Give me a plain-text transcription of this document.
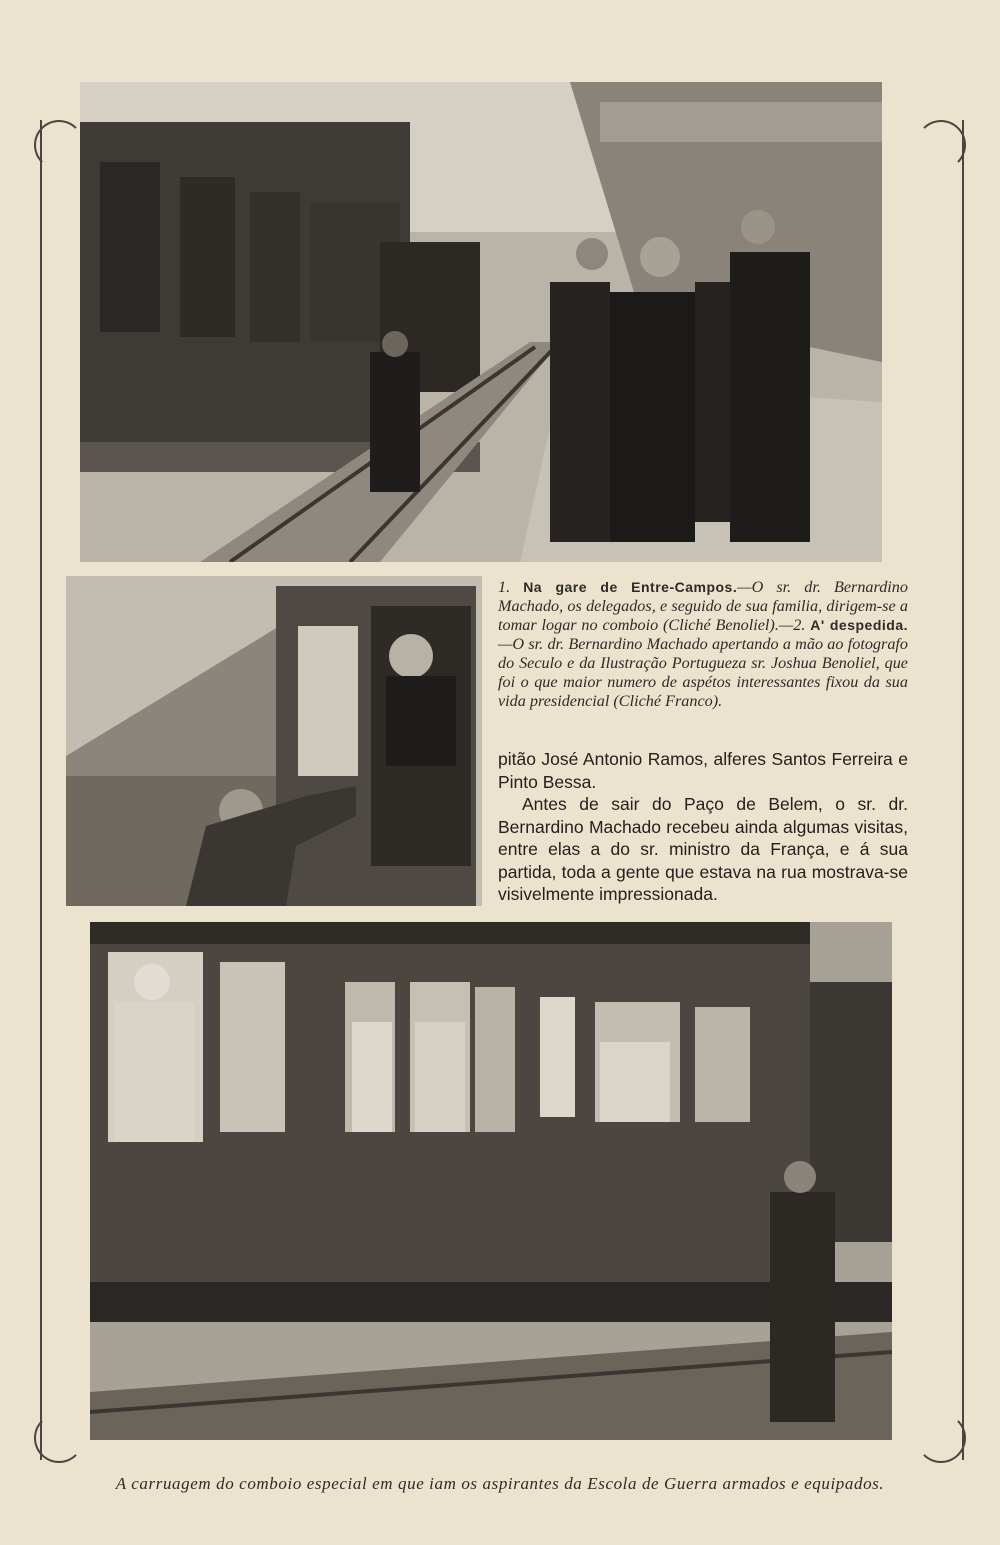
1. Na gare de Entre-Campos.—O sr. dr. Bernardino Machado, os delegados, e seguido de sua familia, dirigem-se a tomar logar no comboio (Cliché Benoliel).—2. A' despedida.—O sr. dr. Bernardino Machado apertando a mão ao fotografo do Seculo e da Ilustração Portugueza sr. Joshua Benoliel, que foi o que maior numero de aspétos interessantes fixou da sua vida presidencial (Cliché Franco).

pitão José Antonio Ramos, alferes Santos Ferreira e Pinto Bessa.

Antes de sair do Paço de Belem, o sr. dr. Bernardino Machado recebeu ainda algumas visitas, entre elas a do sr. ministro da França, e á sua partida, toda a gente que estava na rua mostrava-se visivelmente impressionada.

A carruagem do comboio especial em que iam os aspirantes da Escola de Guerra armados e equipados.
